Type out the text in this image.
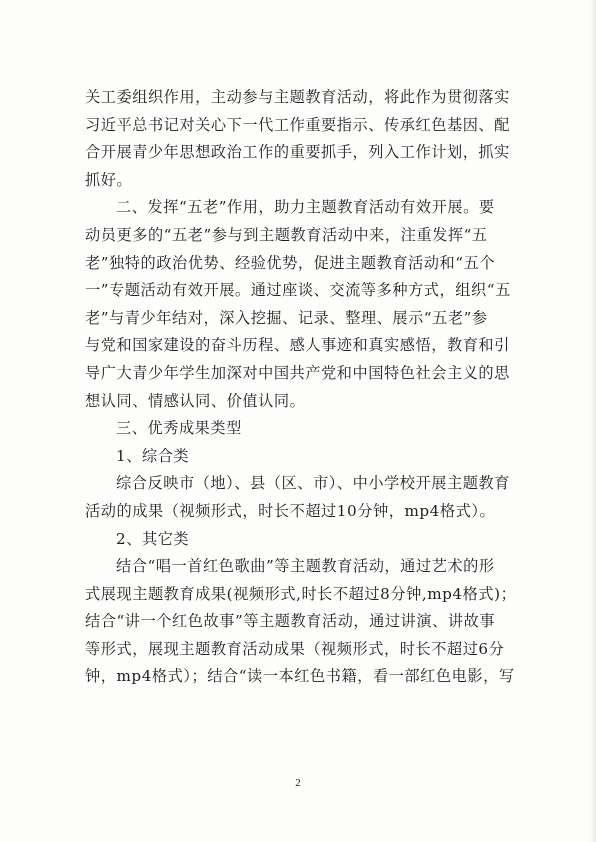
关工委组织作用，主动参与主题教育活动，将此作为贯彻落实
习近平总书记对关心下一代工作重要指示、传承红色基因、配
合开展青少年思想政治工作的重要抓手，列入工作计划，抓实
抓好。
二、发挥“五老”作用，助力主题教育活动有效开展。要
动员更多的“五老”参与到主题教育活动中来，注重发挥“五
老”独特的政治优势、经验优势，促进主题教育活动和“五个
一”专题活动有效开展。通过座谈、交流等多种方式，组织“五
老”与青少年结对，深入挖掘、记录、整理、展示“五老”参
与党和国家建设的奋斗历程、感人事迹和真实感悟，教育和引
导广大青少年学生加深对中国共产党和中国特色社会主义的思
想认同、情感认同、价值认同。
三、优秀成果类型
1、综合类
综合反映市（地）、县（区、市）、中小学校开展主题教育
活动的成果（视频形式，时长不超过10分钟，mp4格式）。
2、其它类
结合“唱一首红色歌曲”等主题教育活动，通过艺术的形
式展现主题教育成果(视频形式,时长不超过8分钟,mp4格式)；
结合“讲一个红色故事”等主题教育活动，通过讲演、讲故事
等形式，展现主题教育活动成果（视频形式，时长不超过6分
钟，mp4格式）；结合“读一本红色书籍，看一部红色电影，写
2
